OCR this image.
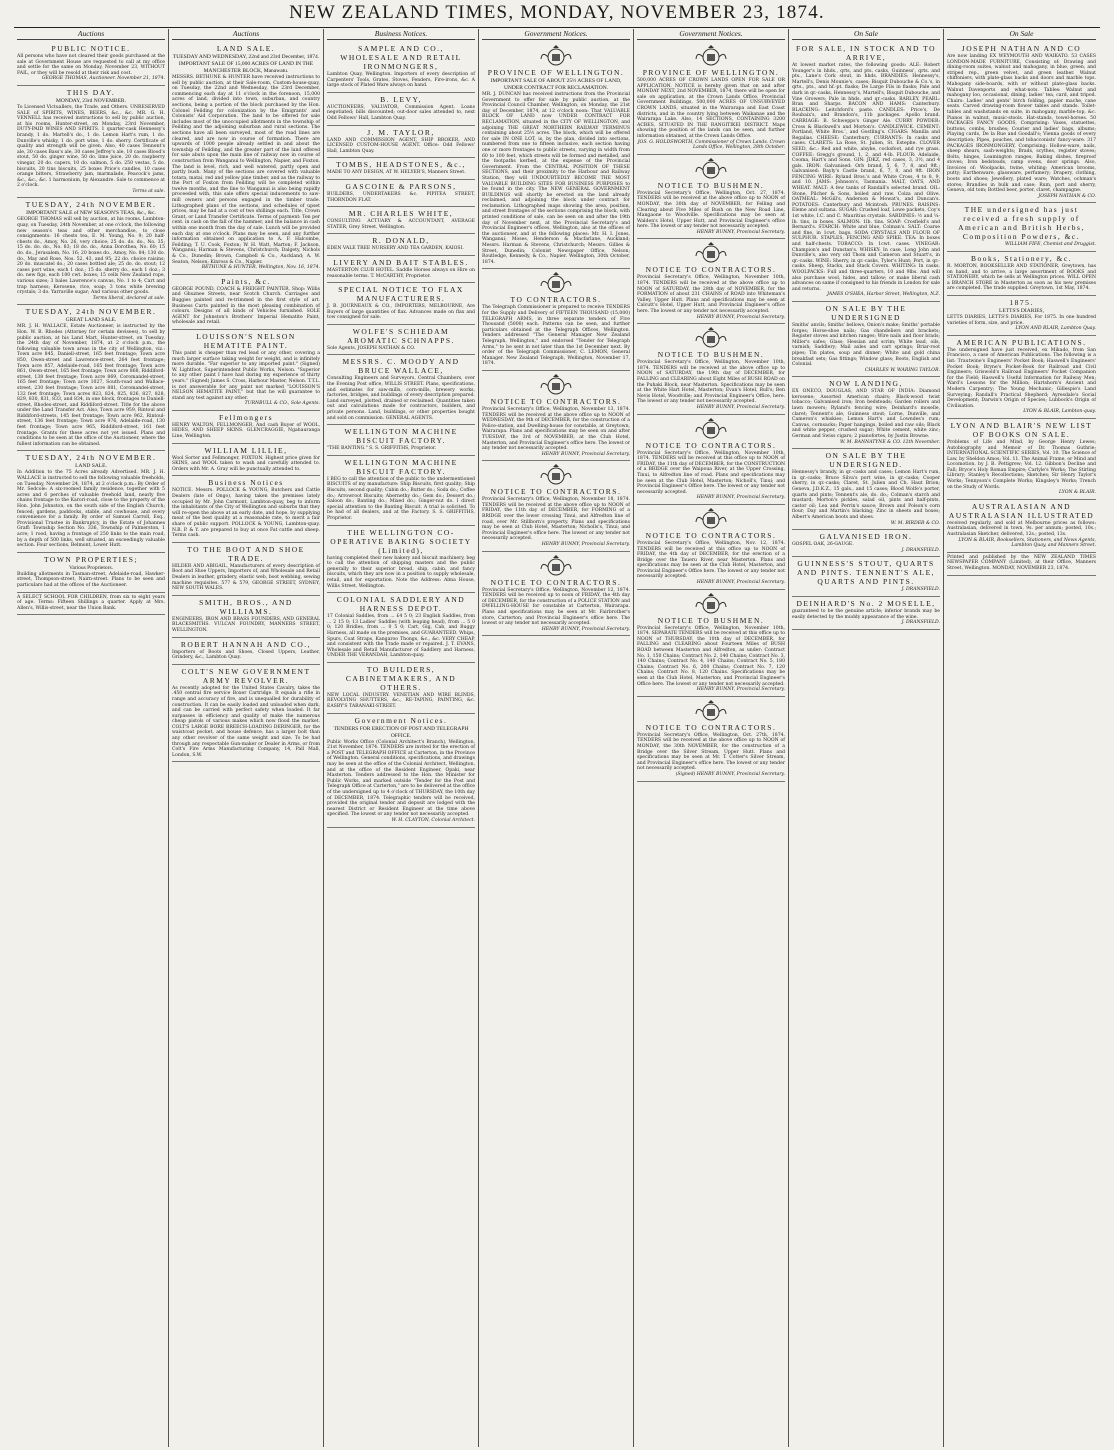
NEW ZEALAND TIMES, MONDAY, NOVEMBER 23, 1874.
Auctions
PUBLIC NOTICE.
All persons who have not cleared their goods purchased at the sale at Government House are requested to call at my office and settle for the same on Monday, November 23, WITHOUT FAIL, or they will be resold at their risk and cost.
GEORGE THOMAS, Auctioneer. November 21, 1874.
THIS DAY.
MONDAY, 23rd NOVEMBER.
To Licensed Victuallers, the Trade, and Others. UNRESERVED SALE of SPIRITS, WINES, BEERS, &c., &c. MR. G. H. VENNELL has received instructions to sell by public auction, at his rooms, Hunter-street, on Monday, 23rd November, DUTY-PAID WINES AND SPIRITS. 1 quarter-cask Hennessy's brandy, 1 do. Martell's do., 1 do. Lemon Hart's rum, 1 do. Dunville's whisky, 1 do. port wine, 1 do. sherry. Certificate of quality and strength will be given. Also, 40 cases Tennent's ale, 30 cases Bass's ale, 30 cases Jeffrey's ale, 10 cases Blood's stout, 50 do. ginger wine, 50 do. lime juice, 20 do. raspberry vinegar, 20 do. capers, 10 do. salmon, 5 do. 250 vestas, 5 do. biscuits, 20 tins biscuits, 25 boxes Price's candles, 10 cases orange bitters, Strawberry jam, marmalade, Peacock's jams, &c., &c., &c. 1 harmonium, by Alexandre. Sale to commence at 2 o'clock.
Terms at sale.
TUESDAY, 24th NOVEMBER.
IMPORTANT SALE of NEW SEASON'S TEAS, &c., &c.
GEORGE THOMAS will sell by auction, at his rooms, Lambton-quay, on Tuesday, 24th November, at one o'clock, the following new season's teas and other merchandise, to close consignments: 16 chests tea, E. M. Young, No. 9; 20 half-chests do., Amoy, No. 26, very choice; 25 do. do. do., No. 35; 15 do. do. do., No. 83; 18 do. do., Anna Dorothea, No. 60; 15 do. do., Jerusalem, No. 16; 20 boxes do., Amoy, No. 84; 130 do. do., May and Rose, Nos. 52, 43, and 95; 22 do. choice raisins; 20 do. muscatel do.; 20 cases bottled ale; 25 do. do. stout; 12 cases port wine, each 1 doz.; 15 do. sherry do., each 1 doz.; 3 do. new figs, each 100 cwt. boxes; 15 cells New Zealand rope, various sizes; 3 bales Lawrence's canvas, No. 1 to 4; Cart and trap harness; Kerosene, rice, soap; 3 tons white brewing crystals; 3 do. Yarraville sugar; And various other goods.
Terms liberal, declared at sale.
TUESDAY, 24th NOVEMBER.
GREAT LAND SALE.
MR. J. H. WALLACE, Estate Auctioneer, is instructed by the Hon. W. B. Rhodes (Attorney for certain devisees), to sell by public auction, at his Land Mart, Hunter-street, on Tuesday, the 24th day of November, 1874, at 2 o'clock p.m., the following valuable town areas in the city of Wellington, viz.: Town acre 845, Daniell-street, 165 feet frontage; Town acre 850, Owen-street and Lawrence-street, 264 feet frontage; Town acre 857, Adelaide-road, 165 feet frontage; Town acre 861, Owen-street, 165 feet frontage; Town acre 868, Riddiford-street, 138 feet frontage; Town acre 869, Coromandel-street, 165 feet frontage; Town acre 1027, South-road and Wallace-street, 230 feet frontage; Town acre 881, Coromandel-street, 132 feet frontage; Town acres 823, 824, 825, 826, 827, 828, 829, 830, 831, 833, and 834, in one block, frontages to Daniell-street, Rhodes-street, and Riddiford-street. Title for the above under the Land Transfer Act. Also, Town acre 959, Rintoul and Riddiford-streets, 145 feet frontage; Town acre 962, Rintoul-street, 136 feet frontage; Town acre 976, Adelaide-road, 130 feet frontage; Town acre 965, Riddiford-street, 161 feet frontage. Grants for these acres not yet issued. Plans and conditions to be seen at the office of the Auctioneer, where the fullest information can be obtained.
TUESDAY, 24th NOVEMBER.
LAND SALE.
In Addition to the 75 Acres already Advertised. MR. J. H. WALLACE is instructed to sell the following valuable freeholds, on Tuesday, November 24, 1874, at 2 o'clock p.m.: By Order of Mr. Sedcole: A six-roomed family residence, together with 5 acres and 6 perches of valuable freehold land, nearly five chains frontage to the Karori-road, close to the property of the Hon. John Johnston, on the south side of the English Church; fenced; gardens, paddocks, stable, and cowhouse, and every convenience for a family. By order of Samuel Carroll, Esq., Provisional Trustee in Bankruptcy, in the Estate of Johannes Graff: Township Section No. 336, Township of Palmerston, 1 acre; 1 rood, having a frontage of 250 links to the main road, by a depth of 500 links, well situated, an exceedingly valuable section. Four sections, Belmont, Lower Hutt.
TOWN PROPERTIES;
Various Proprietors.
Building allotments in Tasman-street, Adelaide-road, Hawker-street, Thompson-street, Nairn-street. Plans to be seen and particulars had at the offices of the Auctioneer.
A SELECT SCHOOL FOR CHILDREN, from six to eight years of age. Terms: Fifteen Shillings a quarter. Apply at Mrs. Allen's, Willis-street, near the Union Bank.
Auctions
LAND SALE.
TUESDAY AND WEDNESDAY, 22nd and 23rd December, 1874. IMPORTANT SALE OF 15,000 ACRES OF LAND IN THE MANCHESTER BLOCK, Manawatu.
MESSRS. BETHUNE & HUNTER have received instructions to sell by public auction, at their Sale-room, Custom-house-quay, on Tuesday, the 22nd and Wednesday, the 23rd December, commencing each day at 11 o'clock in the forenoon, 15,000 acres of land, divided into town, suburban, and country sections, being a portion of the block purchased by the Hon. Colonel Feilding for colonization by the Emigrants' and Colonists' Aid Corporation. The land to be offered for sale includes most of the unoccupied allotments in the township of Feilding and the adjoining suburban and rural sections. The sections have all been surveyed, most of the road lines are cleared, and are now in course of formation. There are upwards of 1000 people already settled in and about the township of Feilding, and the greater part of the land offered for sale abuts upon the main line of railway now in course of construction from Wanganui to Wellington, Napier, and Foxton. The land is level, rich, and well watered, partly open and partly bush. Many of the sections are covered with valuable totara, matai, red and yellow pine timber, and as the railway to the Port of Foxton from Feilding will be completed within twelve months, and the line to Wanganui is also being rapidly proceeded with, this sale offers special inducements to saw-mill owners and persons engaged in the timber trade. Lithographed plans of the sections, and schedules of upset prices, may be had at a cost of two shillings each. Title, Crown Grant, or Land Transfer Certificate. Terms of payment: Ten per cent. in cash on the fall of the hammer, and the balance in cash within one month from the day of sale. Lunch will be provided each day at one o'clock. Plans may be seen, and any further information obtained on application to A. F. Halcombe, Feilding; T. U. Cook, Foxton; W. H. Watt, Marton; F. Jackson, Wanganui; Harman & Stevens, Christchurch; Dalgety, Nichols & Co., Dunedin; Brown, Campbell & Co., Auckland; A. W. Seaton, Nelson; Kinross & Co., Napier.
BETHUNE & HUNTER, Wellington, Nov. 16, 1874.
Paints, &c.
GEORGE POUND, COACH & FREIGHT PAINTER, Shop: Willis and Ghuznee Streets, near Scotch Church. Carriages and Buggies painted and re-trimmed in the first style of art. Business Carts painted in the most pleasing combination of colours. Designs of all kinds of Vehicles furnished. SOLE AGENT for Johnston's Brothers' Imperial Hematite Paint, wholesale and retail.
LOUISSON'S NELSON HEMATITE PAINT.
This paint is cheaper than red lead or any other, covering a much larger surface taking weight for weight, and is infinitely more durable. "Far superior to any imported paint." (Signed) W. Lightfoot, Superintendent Public Works, Nelson. "Superior to any other paint I have had during my experience of thirty years." (Signed) James S. Cross, Harbour Master, Nelson. T.T.L. is not answerable for any paint not marked "LOUISSON'S NELSON HEMATITE PAINT," but that he will guarantee to stand any test against any other.
TURNBULL & CO., Sole Agents.
Fellmongers
HENRY WALTON, FELLMONGER, And cash Buyer of WOOL, HIDES, AND SHEEP SKINS. GLENCRAGGIE, Ngahauranga Line, Wellington.
WILLIAM LILLIE,
Wool Sorter and Fellmonger, FOXTON. Highest price given for SKINS, and WOOL taken to wash and carefully attended to. Orders with Mr. A. Gray will be punctually attended to.
Business Notices
NOTICE. Messrs. POLLOCK & YOUNG, Butchers and Cattle Dealers (late of Ongo), having taken the premises lately occupied by Mr. John Carmont, Lambton-quay, beg to inform the inhabitants of the City of Wellington and suburbs that they will re-open the above at an early date, and hope, by supplying meat of the best quality at a reasonable rate, to merit a fair share of public support. POLLOCK & YOUNG, Lambton-quay. N.B. P. & Y. are prepared to buy at once Fat cattle and sheep. Terms cash.
TO THE BOOT AND SHOE TRADE.
HILDER AND ABIGAIL, Manufacturers of every description of Boot and Shoe Uppers, Importers of, and Wholesale and Retail Dealers in leather, grindery, elastic web, boot webbing, sewing machine requisites. 577 & 579, GEORGE STREET, SYDNEY, NEW SOUTH WALES.
SMITH, BROS., AND WILLIAMS.
ENGINEERS, IRON AND BRASS FOUNDERS, AND GENERAL BLACKSMITHS. VULCAN FOUNDRY, MANNERS STREET, WELLINGTON.
ROBERT HANNAH AND CO.,
Importers of Boots and Shoes, Closed Uppers, Leather, Grindery, &c., Lambton Quay.
COLT'S NEW GOVERNMENT ARMY REVOLVER.
As recently adopted for the United States Cavalry, takes the .450 central fire service Boxer Cartridge. It equals a rifle in range and accuracy of fire, and is unequalled for durability of construction. It can be easily loaded and unloaded when dark, and can be carried with perfect safety when loaded. It far surpasses in efficiency and quality of make the numerous cheap pistols of various makes which now flood the market. COLT'S LARGE BORE BREECH-LOADING DERINGER, for the waistcoat pocket, and house defence, has a larger bolt than any other revolver of the same weight and size. To be had through any respectable Gun-maker or Dealer in Arms, or from Colt's Fire Arms Manufacturing Company, 14, Pall Mall, London, S.W.
Business Notices.
SAMPLE AND CO., WHOLESALE AND RETAIL IRONMONGERS,
Lambton Quay, Wellington. Importers of every description of Carpenters' Tools, Grates, Stoves, Fenders, Fire-irons, &c. A large stock of Plated Ware always on hand.
B. LEVY,
AUCTIONEERS, VALUATOR, Commission Agent. Loans negotiated; bills discounted; out-door sales attended to, next Odd Fellows' Hall, Lambton Quay.
J. M. TAYLOR,
LAND AND COMMISSION AGENT, SHIP BROKER, AND LICENSED CUSTOM-HOUSE AGENT. Office: Odd Fellows' Hall, Lambton Quay.
TOMBS, HEADSTONES, &c.,
MADE TO ANY DESIGN, AT W. HELYER'S, Manners Street.
GASCOINE & PARSONS,
BUILDERS, UNDERTAKERS &c. PIPITEA STREET, THORNDON FLAT.
MR. CHARLES WHITE,
CONSULTING ACTUARY & ACCOUNTANT, AVERAGE STATER, Grey Street, Wellington.
R. DONALD,
EDEN VALE TREE NURSERY AND TEA GARDEN, KAIOSI.
LIVERY AND BAIT STABLES.
MASTERTON CLUB HOTEL. Saddle Horses always on Hire on reasonable terms. T. McCARTHY, Proprietor.
SPECIAL NOTICE TO FLAX MANUFACTURERS.
J. B. JOURNEAUX & CO., IMPORTERS, MELBOURNE, Are Buyers of large quantities of flax. Advances made on flax and tow consigned for sale.
WOLFE'S SCHIEDAM AROMATIC SCHNAPPS.
Sole Agents, JOSEPH NATHAN & CO.
MESSRS. C. MOODY AND BRUCE WALLACE,
Consulting Engineers and Surveyors, Central Chambers, over the Evening Post office, WILLIS STREET. Plans, specifications, and estimates for saw-mills, corn-mills, brewery works, factories, bridges, and buildings of every description prepared. Land surveyed, plotted, drained or reclaimed. Quantities taken out and calculations made for contractors, builders, and private persons. Land, buildings, or other properties bought and sold on commission. GENERAL AGENTS.
WELLINGTON MACHINE BISCUIT FACTORY.
"THE BANTING." S. S. GRIFFITHS, Proprietor.
WELLINGTON MACHINE BISCUIT FACTORY.
I BEG to call the attention of the public to the undermentioned BISCUITS of my manufacture: Ship Biscuits, first quality; Ship Biscuits, second quality; Cabin do.; Butter do.; Soda do.; Coffee do.; Arrowroot Biscuits; Abernethy do.; Gem do.; Dessert do.; Saloon do.; Banting do.; Mixed do.; Ginger-nut do. I direct special attention to the Banting Biscuit. A trial is solicited. To be had of all dealers, and at the Factory. S. S. GRIFFITHS, Proprietor.
THE WELLINGTON CO-OPERATIVE BAKING SOCIETY (Limited),
having completed their new bakery and biscuit machinery, beg to call the attention of shipping masters and the public generally to their superior bread, ship, cabin, and fancy biscuits, which they are now in a position to supply wholesale, retail, and for exportation. Note the Address: Alma House, Willis Street, Wellington.
COLONIAL SADDLERY AND HARNESS DEPOT.
17 Colonial Saddles, from ... £4 5 0; 23 English Saddles, from ... 2 15 0; 13 Ladies' Saddles (with leaping head), from ... 5 0 0; 120 Bridles, from ... 0 5 0; Cart, Gig, Cab, and Buggy Harness, all made on the premises, and GUARANTEED. Whips, Spurs, Coat Straps, Kangaroo Thongs, &c., &c. VERY CHEAP, and consistent with the Trade made or repaired. J. T. EVANS, Wholesale and Retail Manufacturer of Saddlery and Harness, UNDER THE VERANDAH, Lambton-quay.
TO BUILDERS, CABINETMAKERS, AND OTHERS.
NEW LOCAL INDUSTRY. VENETIAN AND WIRE BLINDS, REVOLVING SHUTTERS, &c., RE-TAPING, PAINTING, &c. EASBY'S TARANAKI-STREET.
Government Notices.
TENDERS FOR ERECTION OF POST AND TELEGRAPH OFFICE.
Public Works Office (Colonial Architect's Branch), Wellington, 21st November, 1874. TENDERS are invited for the erection of a POST and TELEGRAPH OFFICE at Carterton, in the Province of Wellington. General conditions, specifications, and drawings may be seen at the office of the Colonial Architect, Wellington, and at the office of the Resident Engineer, Opaki, near Masterton. Tenders addressed to the Hon. the Minister for Public Works, and marked outside "Tender for the Post and Telegraph Office at Carterton," are to be delivered at the office of the undersigned up to 4 o'clock of THURSDAY, the 10th day of DECEMBER, 1874. Telegraphic tenders will be received, provided the original tender and deposit are lodged with the nearest District or Resident Engineer at the time above specified. The lowest or any tender not necessarily accepted.
W. H. CLAYTON, Colonial Architect.
Government Notices.
PROVINCE OF WELLINGTON.
IMPORTANT SALE OF ABOUT 25½ ACRES OF LAND, UNDER CONTRACT FOR RECLAMATION.
MR. J. DUNCAN has received instructions from the Provincial Government to offer for sale by public auction, at the Provincial Council Chamber, Wellington, on Monday, the 21st day of December, 1874, at 12 o'clock noon: That VALUABLE BLOCK OF LAND now UNDER CONTRACT FOR RECLAMATION, situated in the CITY OF WELLINGTON, and adjoining THE GREAT NORTHERN RAILWAY TERMINUS containing about 25½ acres. The block, which will be offered for sale IN ONE LOT, is, by the plan, divided into sections, numbered from one to fifteen inclusive, each section having one or more frontages to public streets, varying in width from 60 to 100 feet, which streets will be formed and metalled, and the footpaths kerbed, at the expense of the Provincial Government. From the CENTRAL POSITION OF THESE SECTIONS, and their proximity to the Harbour and Railway Station, they will UNDOUBTEDLY BECOME THE MOST VALUABLE BUILDING SITES FOR BUSINESS PURPOSES to be found in the city. The NEW GENERAL GOVERNMENT BUILDINGS will shortly be erected on the land already reclaimed, and adjoining the block under contract for reclamation. Lithographed maps showing the area, position, and street frontages of the sections comprising the block, with printed conditions of sale, can be seen on and after the 19th day of November next, at the Provincial Secretary's and Provincial Engineer's offices, Wellington, also at the offices of the auctioneer, and at the following places: Mr. H. I. Jones, Wanganui; Moses, Henderson & Macfarlane, Auckland; Messrs. Harman & Stevens, Christchurch; Messrs. Gillies & Street, Dunedin; Colonist Newspaper Office, Nelson; Routledge, Kennedy, & Co., Napier. Wellington, 30th October, 1874.
TO CONTRACTORS.
The Telegraph Commissioner is prepared to receive TENDERS for the Supply and Delivery of FIFTEEN THOUSAND (15,000) TELEGRAPH ARMS, in three separate tenders of Five Thousand (5000) each. Patterns can be seen, and further particulars obtained at the Telegraph Offices, Wellington. Tenders addressed "The General Manager New Zealand Telegraph, Wellington," and endorsed "Tender for Telegraph Arms," to be sent in not later than the 1st December next. By order of the Telegraph Commissioner, C. LEMON, General Manager. New Zealand Telegraph, Wellington, November 17, 1874.
NOTICE TO CONTRACTORS.
Provincial Secretary's Office, Wellington, November 13, 1874. TENDERS will be received at the above office up to NOON of WEDNESDAY, the 9th of DECEMBER, for the construction of a Police-station, and Dwelling-house for constable, at Greytown, Wairarapa. Plans and specifications may be seen on and after TUESDAY, the 3rd of NOVEMBER, at the Club Hotel, Masterton, and Provincial Engineer's office here. The lowest or any tender not necessarily accepted.
HENRY BUNNY, Provincial Secretary.
NOTICE TO CONTRACTORS.
Provincial Secretary's Office, Wellington, November 18, 1874. TENDERS will be received at the above office up to NOON of FRIDAY, the 11th day of DECEMBER, for FORMING of a BRIDGE over the lower crossing Tinui, and Alfredton line of road, over Mr. Stillborn's property. Plans and specifications may be seen at Club Hotel, Masterton; Nicholls's, Tinui; and Provincial Engineer's office here. The lowest or any tender not necessarily accepted.
HENRY BUNNY, Provincial Secretary.
NOTICE TO CONTRACTORS.
Provincial Secretary's Office, Wellington, November 12, 1874. TENDERS will be received up to noon of FRIDAY, the 4th day of DECEMBER, for the construction of a POLICE STATION and DWELLING-HOUSE for constable at Carterton, Wairarapa. Plans and specifications may be seen at Mr. Fairbrother's store, Carterton; and Provincial Engineer's office here. The lowest or any tender not necessarily accepted.
HENRY BUNNY, Provincial Secretary.
Government Notices.
PROVINCE OF WELLINGTON.
500,000 ACRES OF CROWN LANDS OPEN FOR SALE OR APPLICATION. NOTICE is hereby given that on and after MONDAY NEXT, 2nd NOVEMBER, 1874, there will be open for sale on application, at the Crown Lands Office, Provincial Government Buildings, 500,000 ACRES OF UNSURVEYED CROWN LANDS, situated in the Wairarapa and East Coast districts, and in the country lying between Waikanae and the Wairarapa Lake. Also, 14 SECTIONS, CONTAINING 3200 ACRES, SITUATED IN THE RANGITIKEI DISTRICT. Maps showing the position of the lands can be seen, and further information obtained, at the Crown Lands Office.
JOS. G. HOLDSWORTH, Commissioner of Crown Lands. Crown Lands Office, Wellington, 28th October.
NOTICE TO BUSHMEN.
Provincial Secretary's Office, Wellington, Oct. 27, 1874. TENDERS will be received at the above office up to NOON of MONDAY, the 30th day of NOVEMBER, for Felling and Clearing about Five Miles of Bush on the New Road Line, Mangaone to Woodville. Specifications may be seen at Walden's Hotel, Upper Hutt, and Provincial Engineer's office here. The lowest or any tender not necessarily accepted.
HENRY BUNNY, Provincial Secretary.
NOTICE TO CONTRACTORS.
Provincial Secretary's Office, Wellington, November 10th, 1874. TENDERS will be received at the above office up to NOON of SATURDAY, the 28th day of NOVEMBER, for the FORMATION of about 231 CHAINS of ROAD into Whiteman's Valley, Upper Hutt. Plans and specifications may be seen at Calcutt's Hotel, Upper Hutt, and Provincial Engineer's office here. The lowest or any tender not necessarily accepted.
HENRY BUNNY, Provincial Secretary.
NOTICE TO BUSHMEN.
Provincial Secretary's Office, Wellington, November 10th, 1874. TENDERS will be received at the above office up to NOON of SATURDAY, the 19th day of DECEMBER, for FALLING and CLEARING about Eight Miles of BUSH ROAD on the Puhaki Block, near Masterton. Specifications may be seen at the White Hart Hotel, Masterton; Evan's Hotel, Bull's; Ben Nevis Hotel, Woodville; and Provincial Engineer's Office, here. The lowest or any tender not necessarily accepted.
HENRY BUNNY, Provincial Secretary.
NOTICE TO CONTRACTORS.
Provincial Secretary's Office, Wellington, November 10th, 1874. TENDERS will be received at this office up to NOON of FRIDAY, the 11th day of DECEMBER, for the CONSTRUCTION of a BRIDGE over the Waipoua River, at the Upper Crossing, Tinui, to Alfredton line of road. Plans and specifications may be seen at the Club Hotel, Masterton; Nicholl's, Tinui; and Provincial Engineer's Office here. The lowest or any tender not necessarily accepted.
HENRY BUNNY, Provincial Secretary.
NOTICE TO CONTRACTORS.
Provincial Secretary's Office, Wellington, Nov. 12, 1874. TENDERS will be received at this office up to NOON of FRIDAY, the 4th day of DECEMBER, for the erection of a Bridge over the Taueru River, near Masterton. Plans and specifications may be seen at the Club Hotel, Masterton, and Provincial Engineer's Office here. The lowest or any tender not necessarily accepted.
HENRY BUNNY, Provincial Secretary.
NOTICE TO BUSHMEN.
Provincial Secretary's Office, Wellington, November 10th, 1874. SEPARATE TENDERS will be received at this office up to NOON of THURSDAY, the 10th day of DECEMBER, for FALLING and CLEARING about Fourteen Miles of BUSH ROAD between Masterton and Alfredton, as under: Contract No. 1, 150 Chains; Contract No. 2, 140 Chains; Contract No. 3, 140 Chains; Contract No. 4, 140 Chains; Contract No. 5, 180 Chains; Contract No. 6, 200 Chains; Contract No. 7, 120 Chains; Contract No. 8, 120 Chains. Specifications may be seen at the Club Hotel, Masterton; and Provincial Engineer's Office here. The lowest or any tender not necessarily accepted.
HENRY BUNNY, Provincial Secretary.
NOTICE TO CONTRACTORS.
Provincial Secretary's Office, Wellington, Oct. 27th, 1874. TENDERS will be received at the above office up to NOON of MONDAY, the 30th NOVEMBER, for the construction of a Bridge over the Silver Stream, Upper Hutt. Plans and specifications may be seen at Mr. T. Cotter's Silver Stream, and Provincial Engineer's office here. The lowest or any tender not necessarily accepted.
(Signed) HENRY BUNNY, Provincial Secretary.
On Sale
FOR SALE, IN STOCK AND TO ARRIVE,
At lowest market rates, the following goods: ALE: Robert Younger's in hhds., qrts, and pts. casks, Guinness', qrts. and pts., Lane's Cork stout, in hhds. BRANDIES: Hennessy's, Martell's, Denis Mounie's, cases; Bisquit Dubouche & Co.'s, in qrts., pts., and hf.-pt. flasks; De Large Fils in flasks; Pale and dark in qr.-casks, Hennessy's, Martell's, Bisquit Dubouche, and Vine Growers; Pale in hhds. and qr.-casks. BARLEY, PEARL: Bran and Sharps. BACON AND HAMS: Canterbury. BLACKING: Leitchford's paste. CANDLES: Price's, De Roubaix's, and Brandon's, 11b packages. Apollo brand. CARRIAGE: B. Schwepps's Ginger Ale. CURRY POWDER: Cross & Blackwell's and Morton's. CANDLEWICK. CEMENT: Portland, White Bros.', and Gostling's. CIGARS: Manilla and Regalias. CHEESE: Canterbury. CURRANTS: In casks and cases. CLARETS: La Rose, St. Julien, St. Estephe. CLOVER SEED, &c.: Red and white, alsyke, cocksfoot, and rye grass. COFFEE: Gregg's ground, 1, 2, and 4-lb. FLOUR: Adelaide, Cooma, Hart's and Sons. GIN: JDKZ, red cases, 3, 3½, and 4 gals. IRON: Galvanised: Orb brand, 5, 6, 7, 8, and 9ft.; Galvanised: Bayly's Castle brand, 6, 7, 8, and 9ft. IRON FENCING WIRE: Ryland Bros.'s and White Cross, 4 to 8, 9, and 10. JAMS: Johnson's, Tasmania. MALT, OATS, AND WHEAT. MALT: A few tanks of Randall's selected brand. OIL: Stone, Pilcher & Sons, boiled and raw. Colza and Olive. OATMEAL: McGill's, Anderson & Mowat's, and Duncan's. POTATOES: Canterbury and Mcintosh. PRUNES. RAISINS: Eleme and sultana. SUGAR: Crushed loaf, Lowe packets, Coy's 1st white, I.C. and C. Mauritius crystals. SARDINES: ½ and ¼-lb. tins, in boxes. SALMON: 1lb. tins. SOAP: Crosfield's and Bernard's. STARCH: White and blue, Colman's. SALT: Coarse and fine, in 1cwt. bags. SODA CRYSTALS AND FLOUR OF SULPHUR. STAPLES, FENCING AND SPIKE. TEA: In boxes and half-chests. TOBACCO: In 1cwt. cases. VINEGAR: Champion's and Dunstan's. WHISKY: In case, Long John and Dunville's, also very old Thom and Cameron and Stuart's, in qr.-casks. WINE: Sherry, in qr.-casks, Tyler's Hunt; Port, in qr.-casks. Sheep, Stacks, and Stack Covers. WHITING: In casks. WOOLPACKS: Full and three-quarters, 10 and 9lbs. And will also purchase wool, hides, and tallow; or make liberal cash advances on same if consigned to his friends in London for sale and returns.
JAMES O'SHEA, Harbor Street, Wellington, N.Z.
ON SALE BY THE UNDERSIGNED
Smiths' anvils; Smiths' bellows, Onion's make; Smiths' portable forges; Horse-shoe nails; Gas chandeliers and brackets; Register stoves and kitchen ranges; Wire nails and floor brads; Miller's safes; Glass; Hessian and scrim; White lead, oils, varnish; Saddlery; Mail axles and cart springs; Briar-root pipes; Tin plates, soup and dinner; White and gold china breakfast sets; Gas fittings; Window glass; Boots, English and Colonial.
CHARLES W. WARING TAYLOR.
NOW LANDING,
EX ONECO, DOUGLAS, AND STAR OF INDIA: Diamond kerosene; Assorted American chairs; Black-wood twist tobacco; Galvanised iron; Iron bedsteads; Garden rollers and lawn mowers; Ryland's fencing wire; Deinhard's moselle, claret; Tennent's ale, Guinness stout; Lorne, Dunville, and Cameron's whiskies; Lemon Hart's and Lowndes's rum; Canvas, cornsacks; Paper hangings, boiled and raw oils; Black and white pepper, crushed sugar; White cement, white zinc; German and Swiss cigars; 2 pianofortes, by Justin Browne.
W. M. BANNATYNE & CO. 12th November.
ON SALE BY THE UNDERSIGNED.
Hennessy's brandy, in qr.-casks and cases; Lemon Hart's rum, in qr.-casks; Bruce Silva's port wine, in qr.-casks; Cooper sherry, in qr.-casks; Claret, St. Julien and Ch. Haut Brion; Geneva, J.D.K.Z., 15 gals., and 15 cases; Blood Wolfe's porter, quarts and pints; Tennent's ale, do. do.; Colman's starch and mustard; Morton's pickles, salad oil, pints and half-pints, castor oil; Lea and Perrin's sauce; Brown and Polson's corn flour; Day and Martin's blacking; Zinc in sheets and boxes; Albert's American boots and shoes.
W. M. BIRDER & CO.
GALVANISED IRON.
GOSPEL OAK, 26-GAUGE.
J. DRANSFIELD.
GUINNESS'S STOUT, QUARTS AND PINTS. TENNENT'S ALE, QUARTS AND PINTS.
J. DRANSFIELD.
DEINHARD'S No. 2 MOSELLE,
guaranteed to be the genuine article; inferior brands may be easily detected by the muddy appearance of the wine.
J. DRANSFIELD.
On Sale
JOSEPH NATHAN AND CO
Are now landing EX WEYMOUTH AND WAIKATO. 53 CASES LONDON-MADE FURNITURE, Consisting of: Drawing and dining-room suites, walnut and mahogany, in blue, green, and striped rep., green velvet, and green leather. Walnut chiffoniers, with plate-glass backs and doors and marble tops. Mahogany side-boards, with or without plate-glass backs. Walnut Davenports and what-nots. Tables: Walnut and mahogany loo, occasional, dining, ladies' tea, card, and tripod. Chairs: Ladies' and gents' birch folding, papier mache, cane seats. Carved drawing-room flower tables and stands. Toilet-tables and washstands en suite, in mahogany, marble-top, &c. Pianos in walnut, music-stools. Hat-stands, towel-horses. 50 PACKAGES FANCY GOODS, Comprising: Vases, statuettes, buttons, combs, brushes; Courier and ladies' bags, albums; Playing cards, De la Rue and Goodall's; Vienna goods of every description; Pipes, pouches, and tobacconists' fancy-ware. 317 PACKAGES IRONMONGERY, Comprising: Hollow-ware, nails, sheep shears, sash-weights; Brads, scythes, register stoves; Bolts, hinges, Leamington ranges; Baking dishes, fireproof stoves; Iron bedsteads, camp ovens, door springs. Also, Invoices of: Woolpacks, twine, whiting; American brooms, putty; Earthenware, glassware, perfumery; Drapery, clothing, boots and shoes; Jewellery, plated ware; Watches, ochman's stores; Brandies in bulk and case; Rum, port and sherry, Geneva, old tom; Bottled beer, porter, claret, champagne.
JOSEPH NATHAN & CO.
THE undersigned has just received a fresh supply of American and British Herbs, Composition Powders, &c.
WILLIAM FIFE, Chemist and Druggist.
Books, Stationery, &c.
R. MORTON, BOOKSELLER AND STATIONER, Greytown, has on hand, and to arrive, a large assortment of BOOKS and STATIONERY, which he sells at Wellington prices. WILL OPEN a BRANCH STORE in Masterton as soon as his new premises are completed. The trade supplied. Greytown, 1st May, 1874.
1875.
LETTS'S DIARIES,
LETTS DIARIES, LETTS'S DIARIES, For 1875. In one hundred varieties of form, size, and price.
LYON AND BLAIR, Lambton Quay.
AMERICAN PUBLICATIONS.
The undersigned have just received, ex Mikado, from San Francisco, a case of American Publications. The following is a list: Trautwine's Engineers' Pocket Book; Haswell's Engineers' Pocket Book; Bryne's Pocket-Book for Railroad and Civil Engineers; Griswold's Railroad Engineers' Pocket Companion for the Field; Haswell's Useful Information for Railway Men; Ward's Lessons for the Million; Hartshorn's Ancient and Modern Carpentry; The Young Mechanic; Gillespie's Land Surveying; Randall's Practical Shepherd; Ayresdale's Social Development; Darwin's Origin of Species; Lubbock's Origin of Civilisation.
LYON & BLAIR, Lambton-quay.
LYON AND BLAIR'S NEW LIST OF BOOKS ON SALE.
Problems of Life and Mind, by George Henry Lewes; Autobiography and Memoir of Dr. Thomas Guthrie; INTERNATIONAL SCIENTIFIC SERIES, Vol. 10. The Science of Law, by Sheldon Amos; Vol. 11. The Animal Frame, or Mind and Locomotion, by J. B. Pettigrew; Vol. 12. Gibbon's Decline and Fall; Bryce's Holy Roman Empire; Carlyle's Works; The Stirling Library; Stanley's Recollections; Sketches; Sir Henry Taylor's Works; Tennyson's Complete Works; Kingsley's Works; Trench on the Study of Words.
LYON & BLAIR.
AUSTRALASIAN AND AUSTRALASIAN ILLUSTRATED
received regularly, and sold at Melbourne prices as follows: Australasian, delivered in town, 9s. per annum; posted, 10s.; Australasian Sketcher, delivered, 12s.; posted, 13s.
LYON & BLAIR, Booksellers, Stationers, and News Agents, Lambton Quay, and Manners Street.
Printed and published by the NEW ZEALAND TIMES NEWSPAPER COMPANY (Limited), at their Office, Manners Street, Wellington. MONDAY, NOVEMBER 23, 1874.
